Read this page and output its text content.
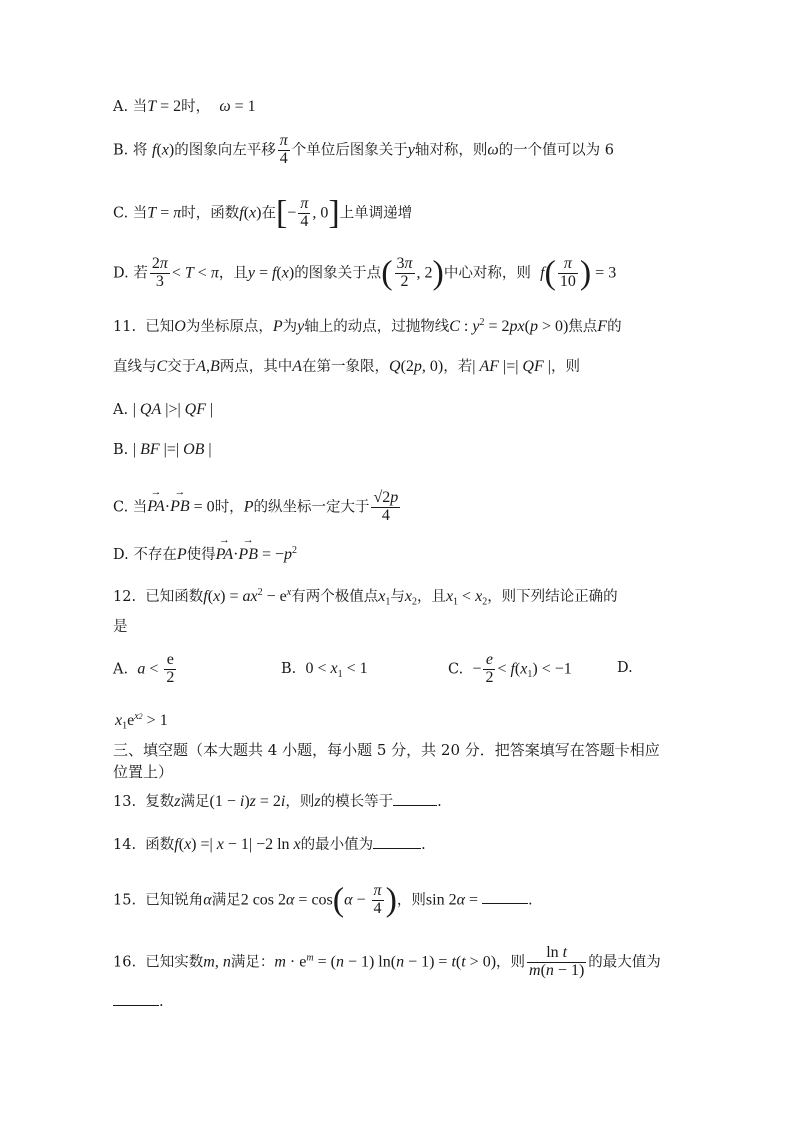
A. 当T = 2时， ω = 1
B. 将 f(x)的图象向左平移 $\frac{\pi}{4}$ 个单位后图象关于y轴对称，则ω的一个值可以为 6
C. 当T = π时，函数f(x)在[− $\frac{\pi}{4}$ , 0]上单调递增
D. 若 $\frac{2\pi}{3} < T < \pi$，且y = f(x)的图象关于点( $\frac{3\pi}{2}$ , 2)中心对称，则 $f( \frac{\pi}{10}$ ) = 3
11. 已知O为坐标原点，P为y轴上的动点，过抛物线C : $y^2 = 2px(p > 0)$焦点F的
直线与C交于A,B两点，其中A在第一象限，Q(2p, 0)，若| AF |=| QF |，则
A. | QA |>| QF |
B. | BF |=| OB |
C. 当→ PA·→ PB = 0时，P的纵坐标一定大于 $\frac{√2p}{4}$
D. 不存在P使得→ PA·→ PB = $-p^2$
12. 已知函数$f(x) = ax^2 - e^x$有两个极值点$x_1$与$x_2$，且$x_1 < x_2$，则下列结论正确的
是
A. $a < \frac{e}{2}$	B. $0 < x_1 < 1$	C. − $\frac{e}{2} < f(x_1) < -1$	D.
$x_1e^{x2} > 1$
三、填空题（本大题共 4 小题，每小题 5 分，共 20 分．把答案填写在答题卡相应
位置上）
13. 复数z满足(1 − i)z = 2i，则z的模长等于	.
14. 函数f(x) =| x − 1| −2 ln x的最小值为	.
15. 已知锐角α满足2 $\cos 2\alpha = \cos(\alpha - \frac{\pi}{4}$ )，则sin 2α =	.
16. 已知实数m, n满足：$m \cdot e^m = (n - 1) \ln(n - 1) = t(t > 0)$，则 $\frac{\text{ln t}}{m(n - 1)}$ 的最大值为
.
